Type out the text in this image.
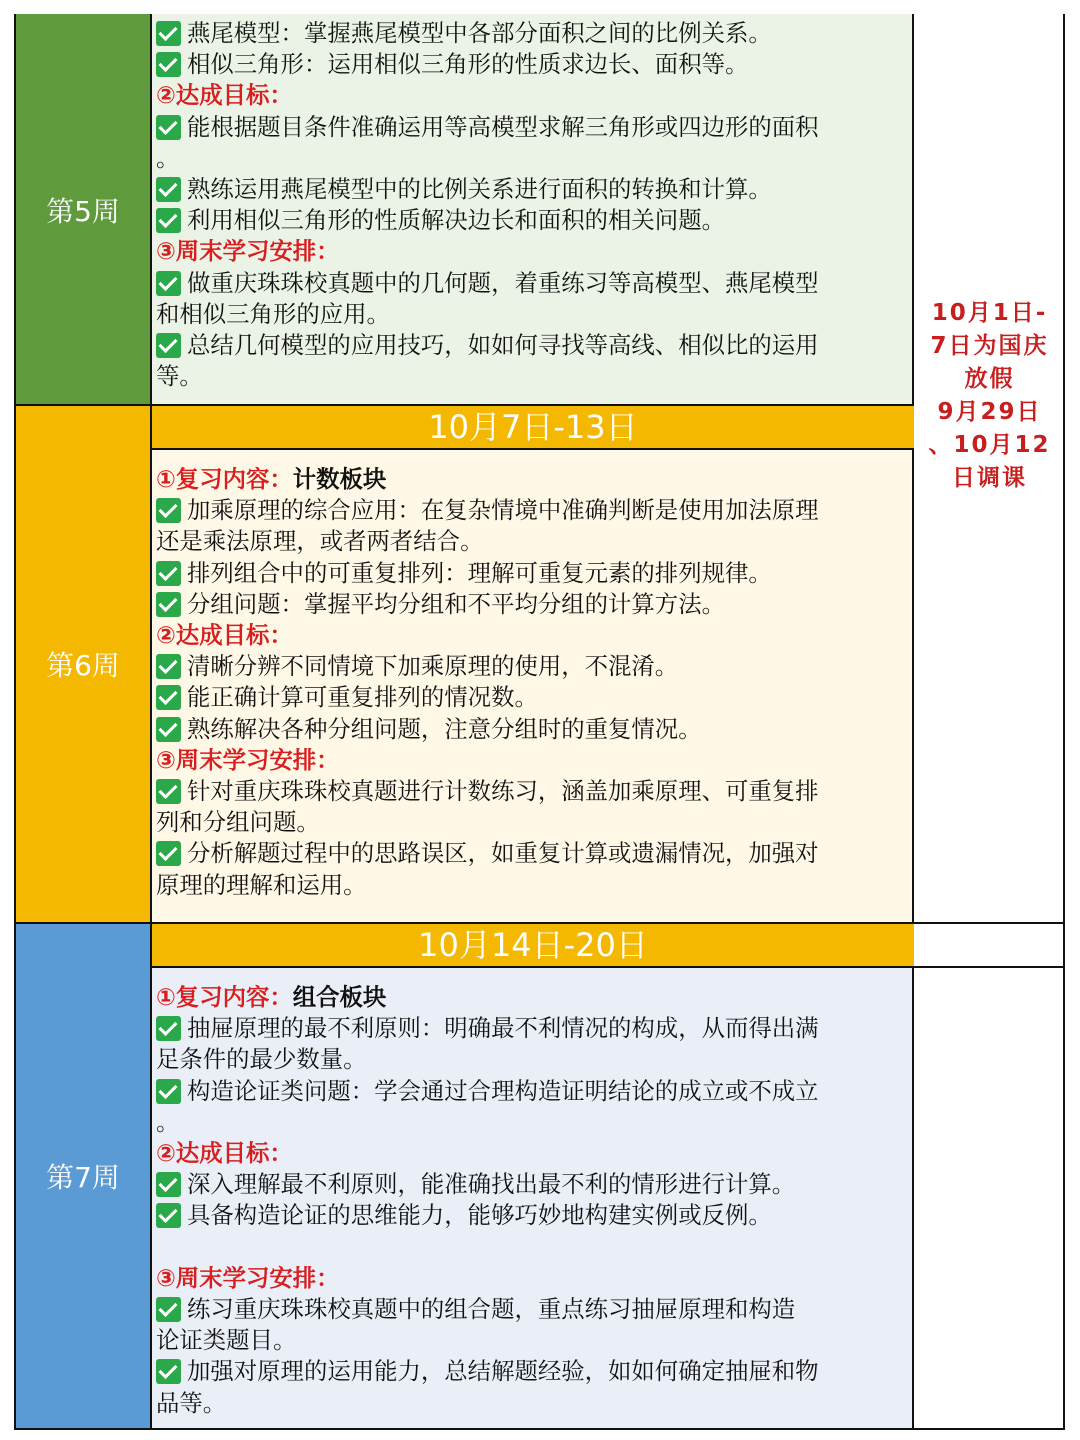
第5周
燕尾模型：掌握燕尾模型中各部分面积之间的比例关系。
相似三角形：运用相似三角形的性质求边长、面积等。
②达成目标：
能根据题目条件准确运用等高模型求解三角形或四边形的面积
。
熟练运用燕尾模型中的比例关系进行面积的转换和计算。
利用相似三角形的性质解决边长和面积的相关问题。
③周末学习安排：
做重庆珠珠校真题中的几何题，着重练习等高模型、燕尾模型
和相似三角形的应用。
总结几何模型的应用技巧，如如何寻找等高线、相似比的运用
等。
第6周
10月7日-13日
①复习内容：计数板块
加乘原理的综合应用：在复杂情境中准确判断是使用加法原理
还是乘法原理，或者两者结合。
排列组合中的可重复排列：理解可重复元素的排列规律。
分组问题：掌握平均分组和不平均分组的计算方法。
②达成目标：
清晰分辨不同情境下加乘原理的使用，不混淆。
能正确计算可重复排列的情况数。
熟练解决各种分组问题，注意分组时的重复情况。
③周末学习安排：
针对重庆珠珠校真题进行计数练习，涵盖加乘原理、可重复排
列和分组问题。
分析解题过程中的思路误区，如重复计算或遗漏情况，加强对
原理的理解和运用。
第7周
10月14日-20日
①复习内容：组合板块
抽屉原理的最不利原则：明确最不利情况的构成，从而得出满
足条件的最少数量。
构造论证类问题：学会通过合理构造证明结论的成立或不成立
。
②达成目标：
深入理解最不利原则，能准确找出最不利的情形进行计算。
具备构造论证的思维能力，能够巧妙地构建实例或反例。
③周末学习安排：
练习重庆珠珠校真题中的组合题，重点练习抽屉原理和构造
论证类题目。
加强对原理的运用能力，总结解题经验，如如何确定抽屉和物
品等。
10月1日-
7日为国庆
放假
9月29日
、10月12
日调课
